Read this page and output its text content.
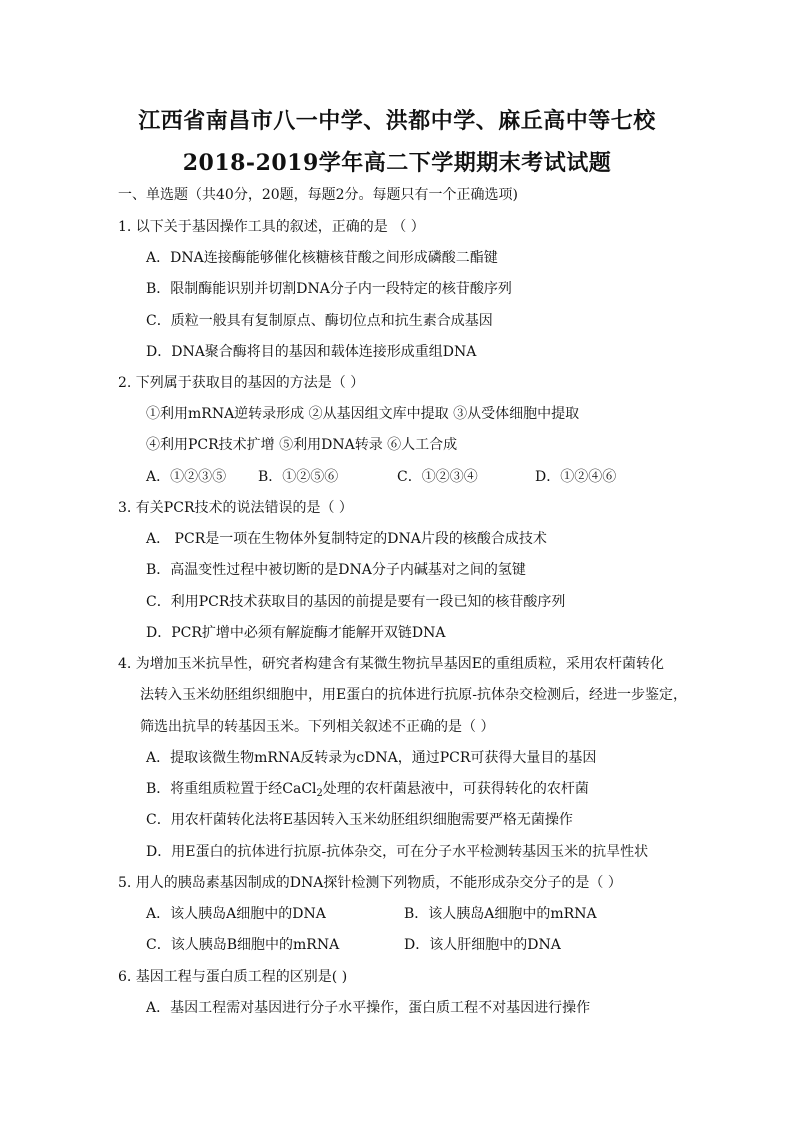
江西省南昌市八一中学、洪都中学、麻丘高中等七校
2018-2019学年高二下学期期末考试试题
一、单选题（共40分，20题，每题2分。每题只有一个正确选项)
1. 以下关于基因操作工具的叙述，正确的是 （ ）
A．DNA连接酶能够催化核糖核苷酸之间形成磷酸二酯键
B．限制酶能识别并切割DNA分子内一段特定的核苷酸序列
C．质粒一般具有复制原点、酶切位点和抗生素合成基因
D．DNA聚合酶将目的基因和载体连接形成重组DNA
2. 下列属于获取目的基因的方法是（ ）
①利用mRNA逆转录形成 ②从基因组文库中提取 ③从受体细胞中提取
④利用PCR技术扩增 ⑤利用DNA转录 ⑥人工合成
A．①②③⑤ B．①②⑤⑥	C．①②③④	D．①②④⑥
3. 有关PCR技术的说法错误的是（ ）
A． PCR是一项在生物体外复制特定的DNA片段的核酸合成技术
B．高温变性过程中被切断的是DNA分子内碱基对之间的氢键
C．利用PCR技术获取目的基因的前提是要有一段已知的核苷酸序列
D．PCR扩增中必须有解旋酶才能解开双链DNA
4. 为增加玉米抗旱性，研究者构建含有某微生物抗旱基因E的重组质粒，采用农杆菌转化
法转入玉米幼胚组织细胞中，用E蛋白的抗体进行抗原-抗体杂交检测后，经进一步鉴定，
筛选出抗旱的转基因玉米。下列相关叙述不正确的是（ ）
A．提取该微生物mRNA反转录为cDNA，通过PCR可获得大量目的基因
B．将重组质粒置于经CaCl$_2$处理的农杆菌悬液中，可获得转化的农杆菌
C．用农杆菌转化法将E基因转入玉米幼胚组织细胞需要严格无菌操作
D．用E蛋白的抗体进行抗原-抗体杂交，可在分子水平检测转基因玉米的抗旱性状
5. 用人的胰岛素基因制成的DNA探针检测下列物质，不能形成杂交分子的是（ ）
A．该人胰岛A细胞中的DNA	B．该人胰岛A细胞中的mRNA
C．该人胰岛B细胞中的mRNA	D．该人肝细胞中的DNA
6. 基因工程与蛋白质工程的区别是( )
A．基因工程需对基因进行分子水平操作，蛋白质工程不对基因进行操作
